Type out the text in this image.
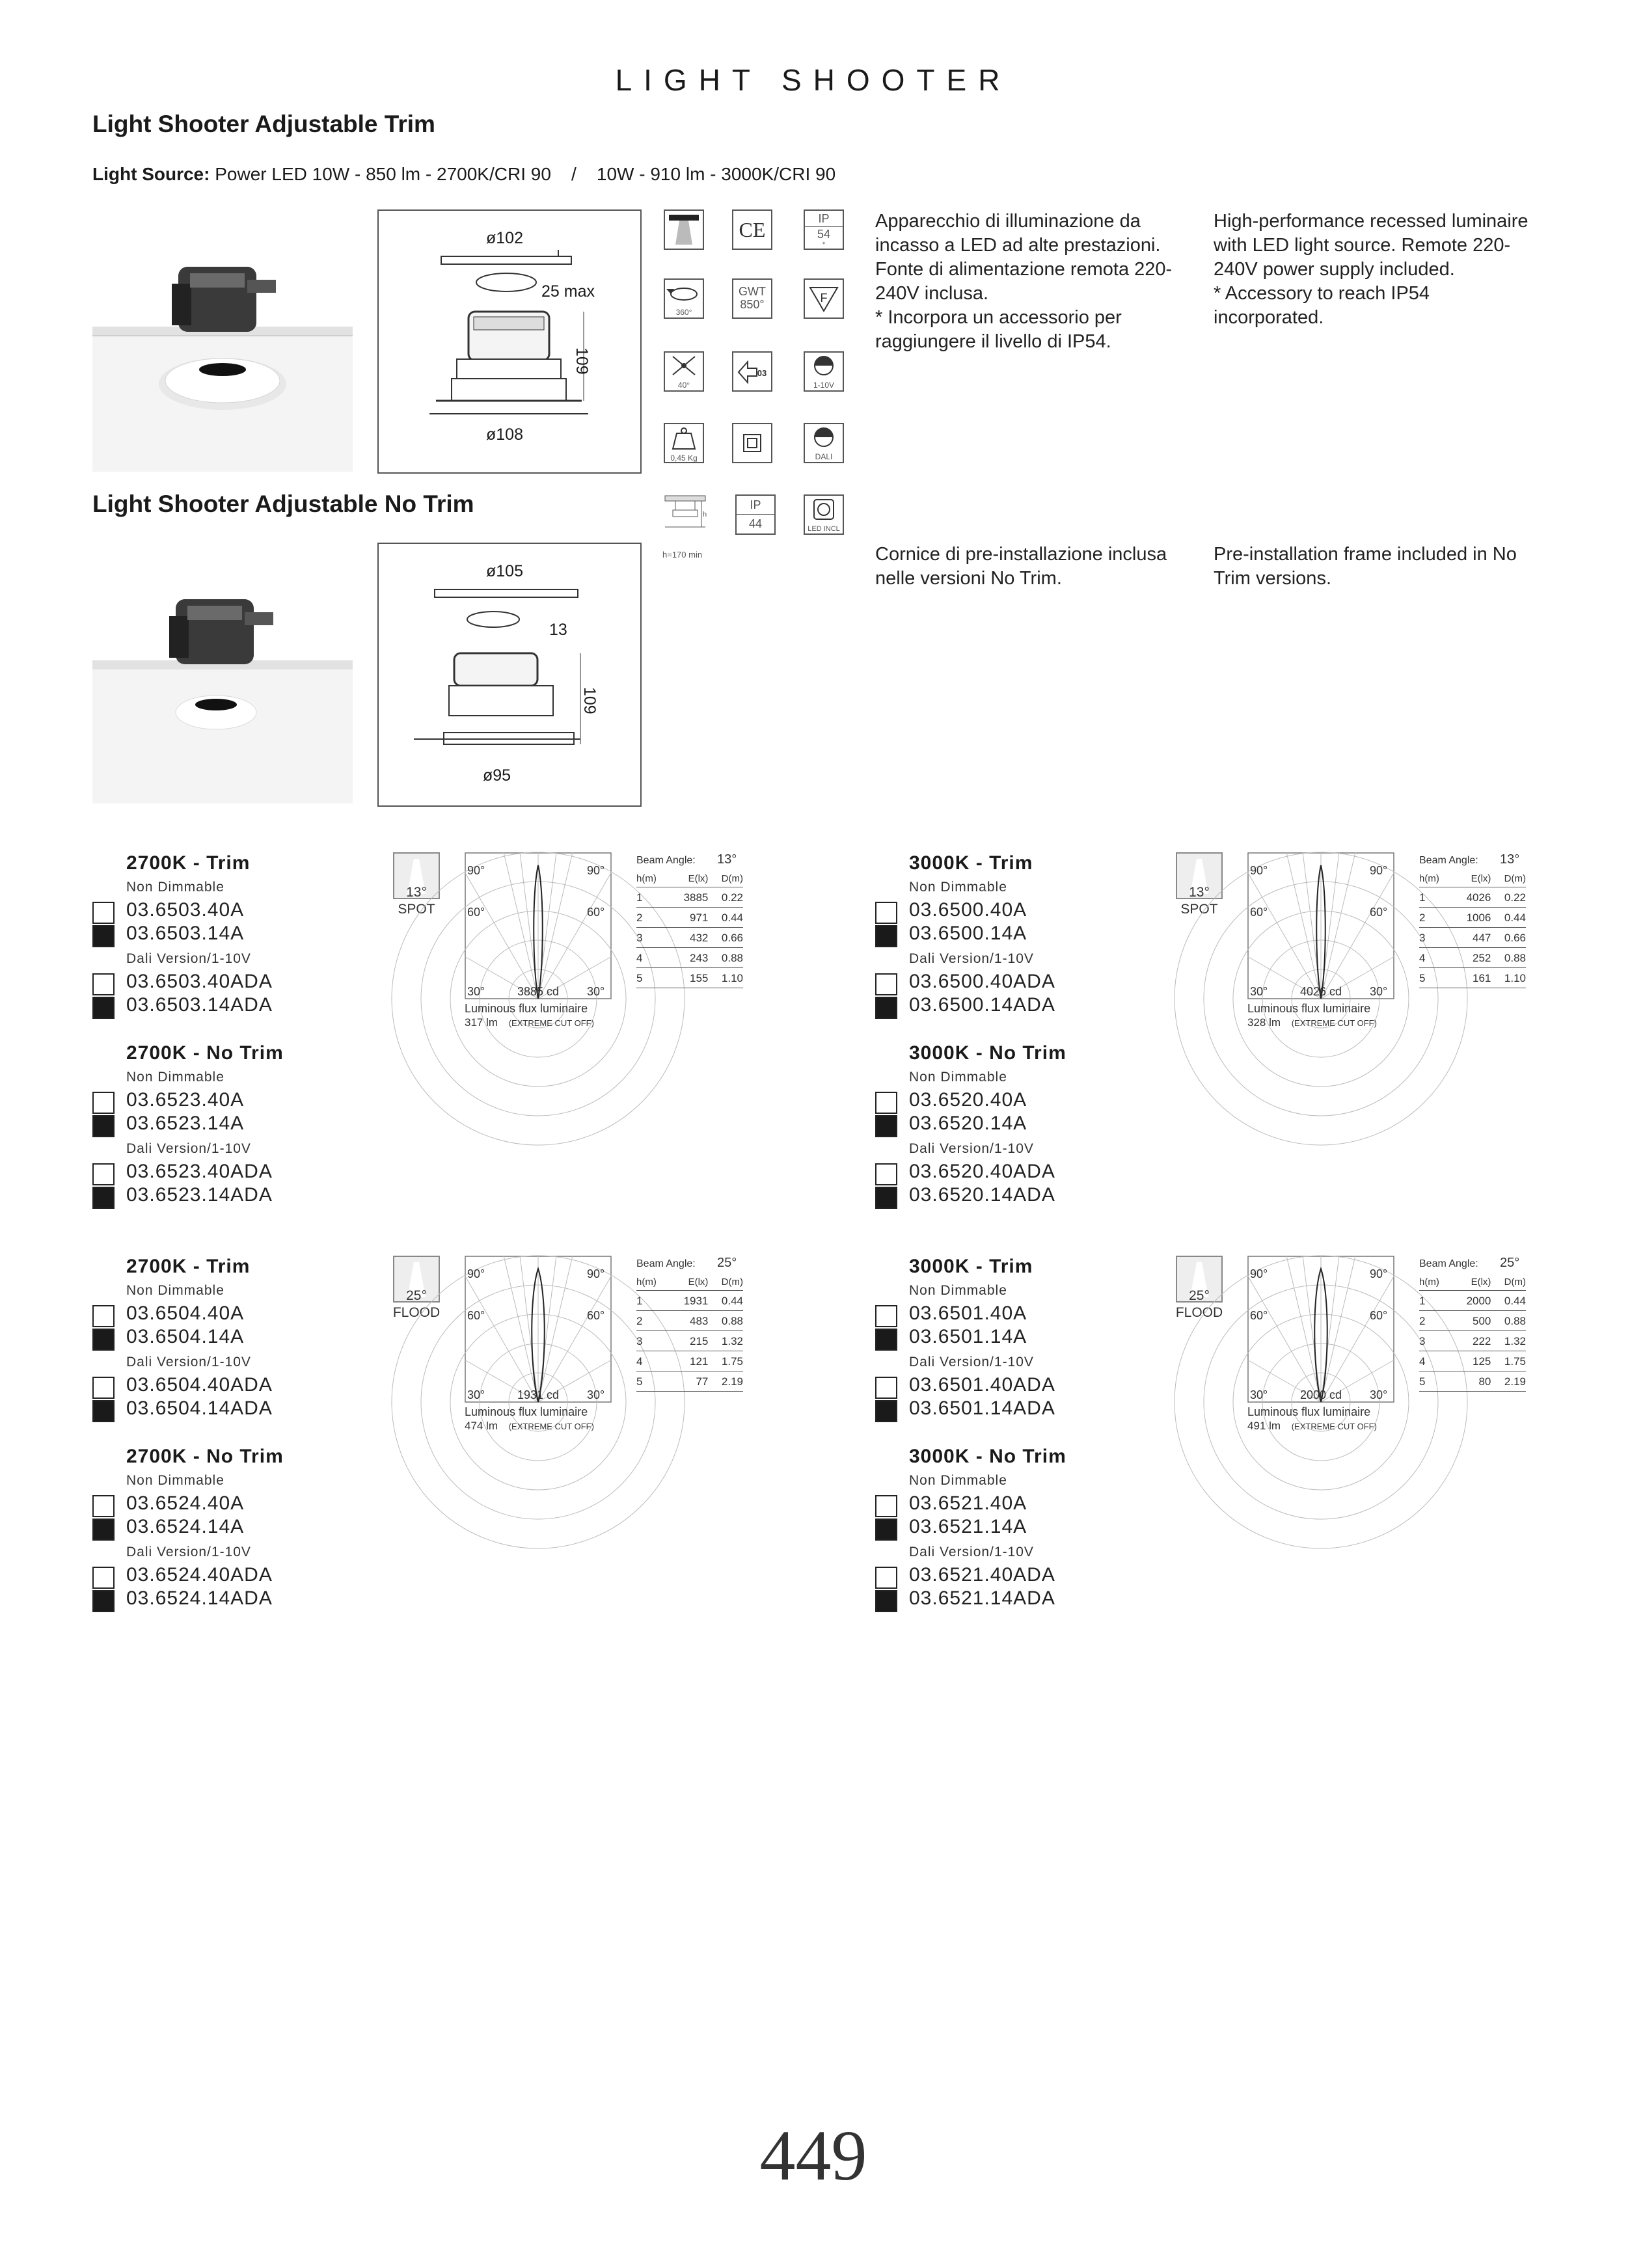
LIGHT SHOOTER
Light Shooter Adjustable Trim
Light Source: Power LED 10W - 850 lm - 2700K/CRI 90    /    10W - 910 lm - 3000K/CRI 90
ø102
25 max
109
ø108
CE	IP
54
*
360°
GWT
850°	F
40°
03
1-10V
0,45 Kg	DALI
Apparecchio di illuminazione da incasso a LED ad alte prestazioni. Fonte di alimentazione remota 220-240V inclusa.
* Incorpora un accessorio per raggiungere il livello di IP54.
High-performance recessed luminaire with LED light source. Remote 220-240V power supply included.
* Accessory to reach IP54 incorporated.
Light Shooter Adjustable No Trim	h
h=170 min
IP
44	LED INCL
ø105
13
109
ø95
Cornice di pre-installazione inclusa nelle versioni No Trim.
Pre-installation frame included in No Trim versions.
2700K - Trim
Non Dimmable
03.6503.40A
03.6503.14A
Dali Version/1-10V
03.6503.40ADA
03.6503.14ADA
2700K - No Trim
Non Dimmable
03.6523.40A
03.6523.14A
Dali Version/1-10V
03.6523.40ADA
03.6523.14ADA
13°
SPOT
90°	90°
60°	60°
30°	30°
3885 cd
Luminous flux luminaire
317 lm (EXTREME CUT OFF)
Beam Angle: 13°
h(m)	E(lx)	D(m)
1	3885	0.22
2	971	0.44
3	432	0.66
4	243	0.88
5	155	1.10
3000K - Trim
Non Dimmable
03.6500.40A
03.6500.14A
Dali Version/1-10V
03.6500.40ADA
03.6500.14ADA
3000K - No Trim
Non Dimmable
03.6520.40A
03.6520.14A
Dali Version/1-10V
03.6520.40ADA
03.6520.14ADA
13°
SPOT
90°	90°
60°	60°
30°	30°
4026 cd
Luminous flux luminaire
328 lm (EXTREME CUT OFF)
Beam Angle: 13°
h(m)	E(lx)	D(m)
1	4026	0.22
2	1006	0.44
3	447	0.66
4	252	0.88
5	161	1.10
2700K - Trim
Non Dimmable
03.6504.40A
03.6504.14A
Dali Version/1-10V
03.6504.40ADA
03.6504.14ADA
2700K - No Trim
Non Dimmable
03.6524.40A
03.6524.14A
Dali Version/1-10V
03.6524.40ADA
03.6524.14ADA
25°
FLOOD
90°	90°
60°	60°
30°	30°
1931 cd
Luminous flux luminaire
474 lm (EXTREME CUT OFF)
Beam Angle: 25°
h(m)	E(lx)	D(m)
1	1931	0.44
2	483	0.88
3	215	1.32
4	121	1.75
5	77	2.19
3000K - Trim
Non Dimmable
03.6501.40A
03.6501.14A
Dali Version/1-10V
03.6501.40ADA
03.6501.14ADA
3000K - No Trim
Non Dimmable
03.6521.40A
03.6521.14A
Dali Version/1-10V
03.6521.40ADA
03.6521.14ADA
25°
FLOOD
90°	90°
60°	60°
30°	30°
2000 cd
Luminous flux luminaire
491 lm (EXTREME CUT OFF)
Beam Angle: 25°
h(m)	E(lx)	D(m)
1	2000	0.44
2	500	0.88
3	222	1.32
4	125	1.75
5	80	2.19
449
